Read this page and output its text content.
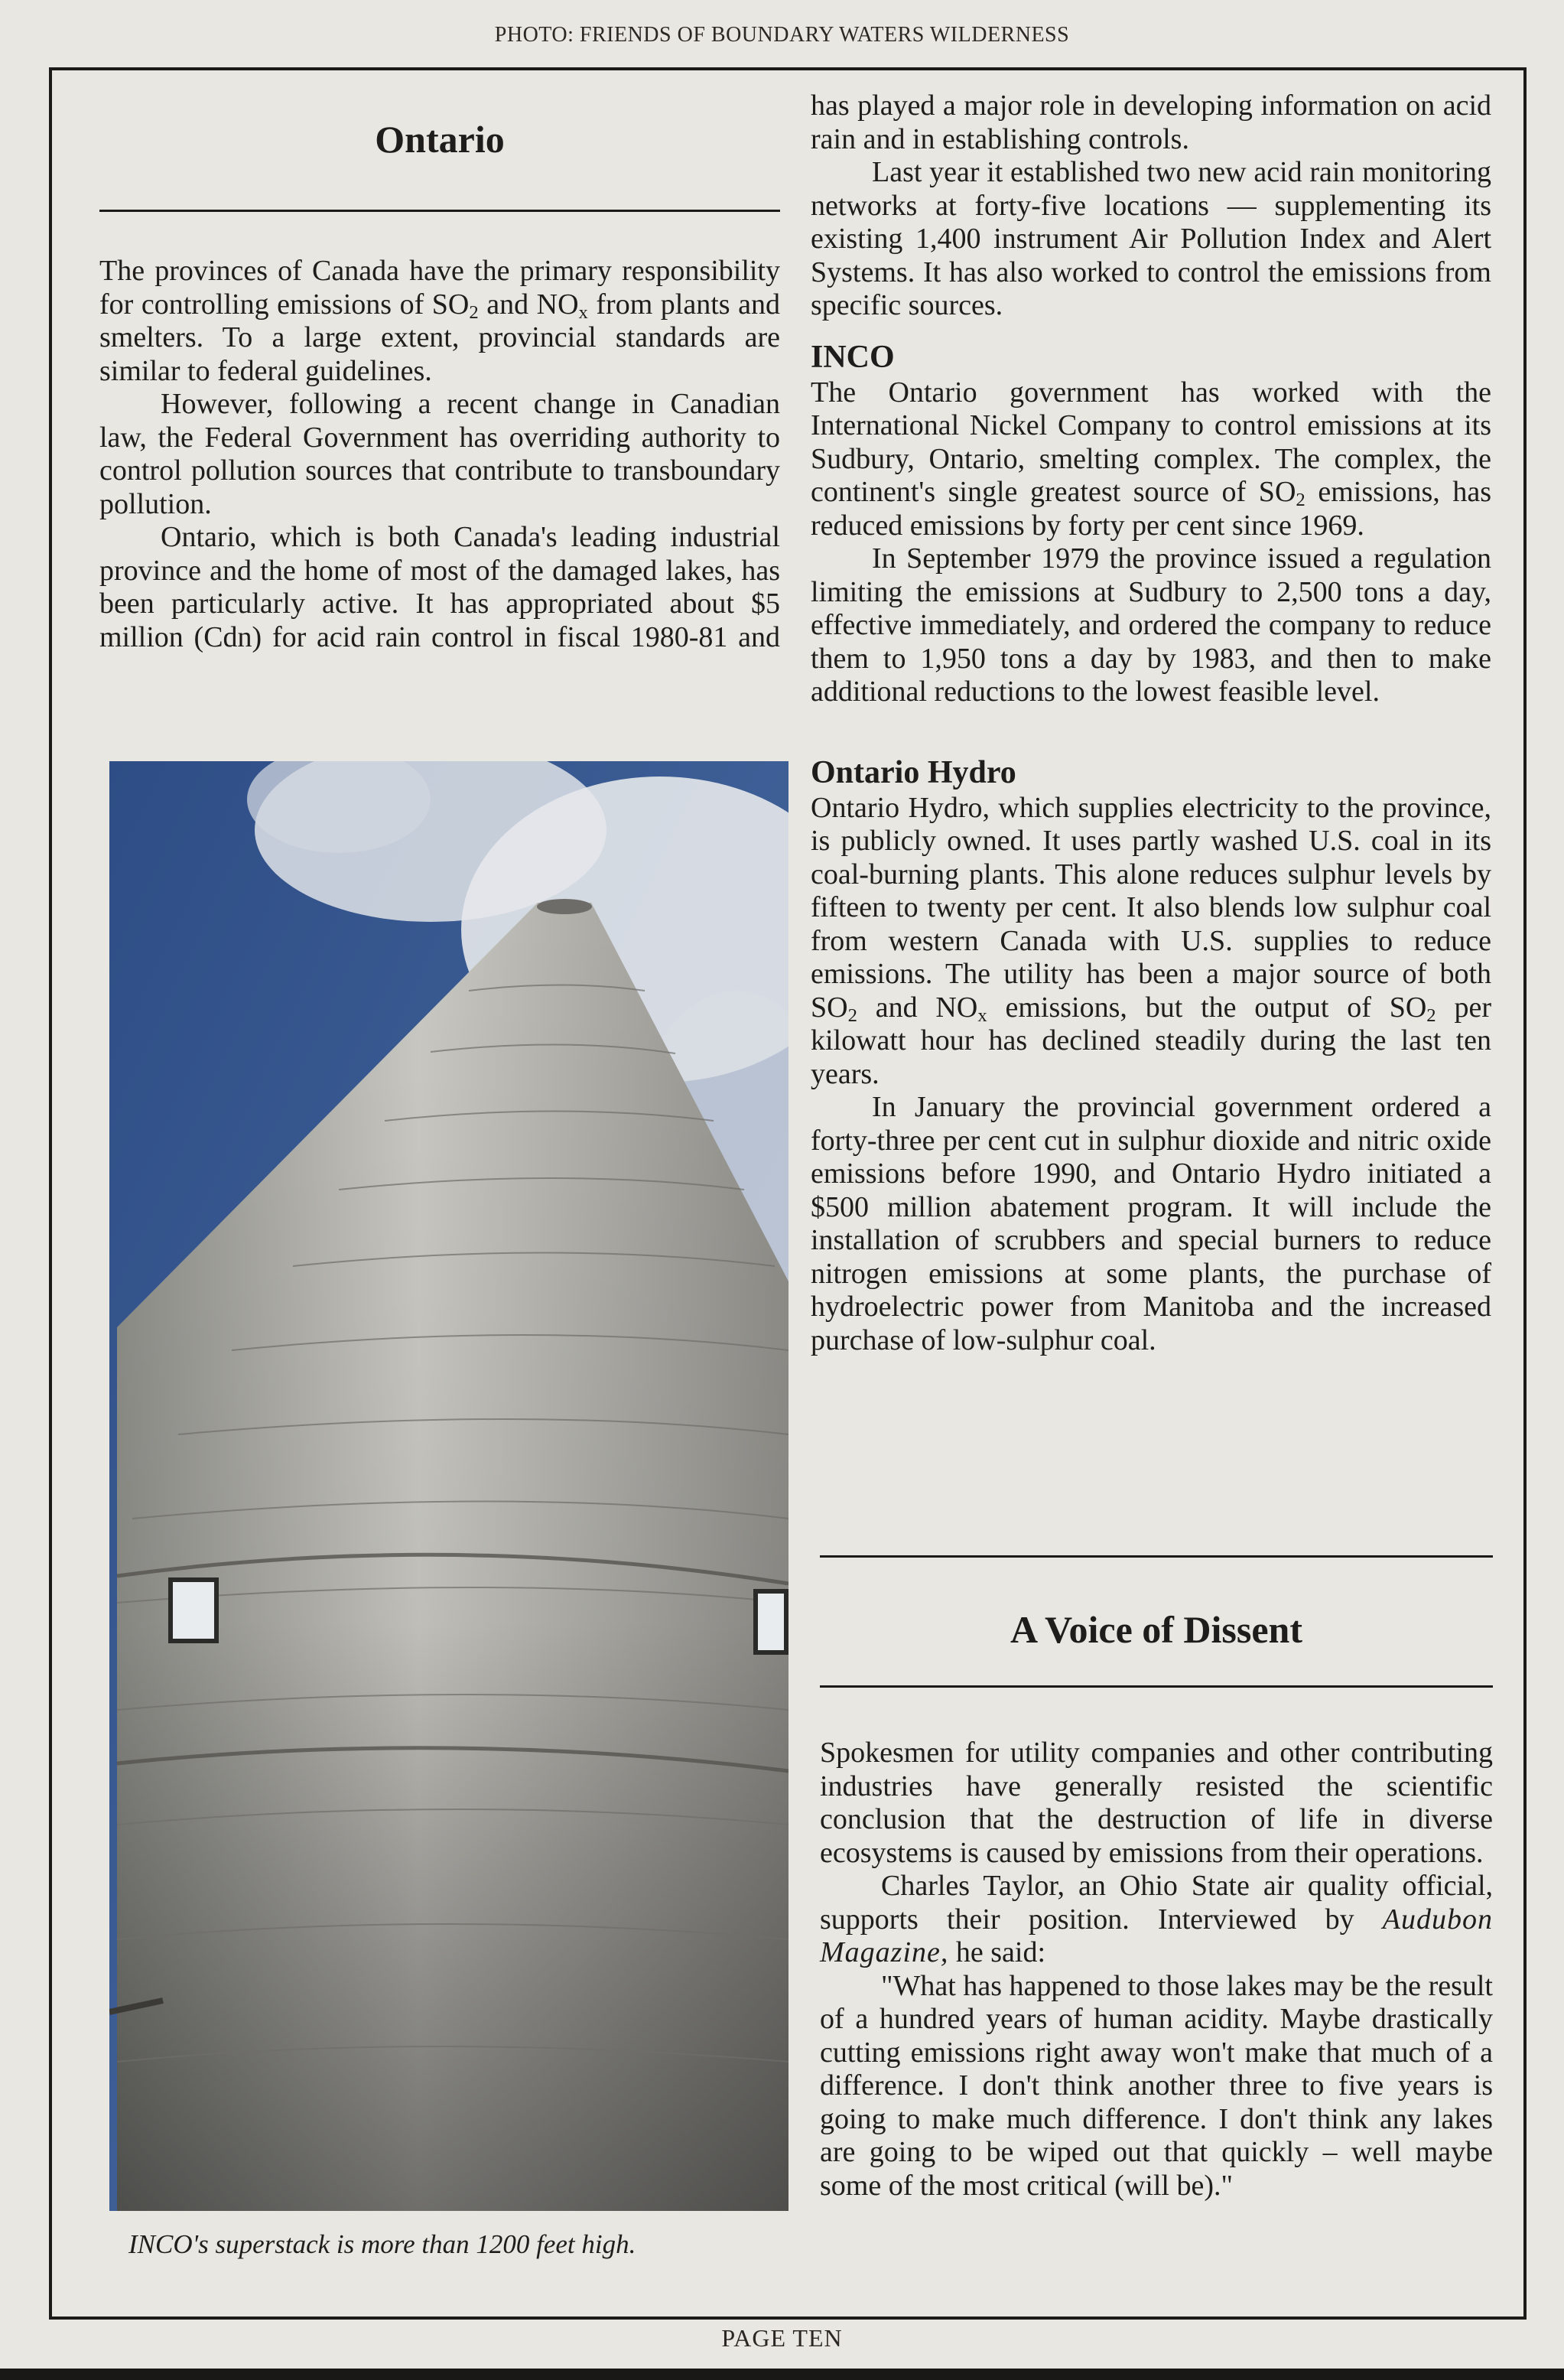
PHOTO: FRIENDS OF BOUNDARY WATERS WILDERNESS
Ontario

The provinces of Canada have the primary responsibility for controlling emissions of $SO_2$ and $NO_x$ from plants and smelters. To a large extent, provincial standards are similar to federal guidelines.

However, following a recent change in Canadian law, the Federal Government has overriding authority to control pollution sources that contribute to transboundary pollution.

Ontario, which is both Canada's leading industrial province and the home of most of the damaged lakes, has been particularly active. It has appropriated about $5 million (Cdn) for acid rain control in fiscal 1980-81 and

INCO's superstack is more than 1200 feet high.

has played a major role in developing information on acid rain and in establishing controls.

Last year it established two new acid rain monitoring networks at forty-five locations — supplementing its existing 1,400 instrument Air Pollution Index and Alert Systems. It has also worked to control the emissions from specific sources.

INCO

The Ontario government has worked with the International Nickel Company to control emissions at its Sudbury, Ontario, smelting complex. The complex, the continent's single greatest source of $SO_2$ emissions, has reduced emissions by forty per cent since 1969.

In September 1979 the province issued a regulation limiting the emissions at Sudbury to 2,500 tons a day, effective immediately, and ordered the company to reduce them to 1,950 tons a day by 1983, and then to make additional reductions to the lowest feasible level.

Ontario Hydro

Ontario Hydro, which supplies electricity to the province, is publicly owned. It uses partly washed U.S. coal in its coal-burning plants. This alone reduces sulphur levels by fifteen to twenty per cent. It also blends low sulphur coal from western Canada with U.S. supplies to reduce emissions. The utility has been a major source of both $SO_2$ and $NO_x$ emissions, but the output of $SO_2$ per kilowatt hour has declined steadily during the last ten years.

In January the provincial government ordered a forty-three per cent cut in sulphur dioxide and nitric oxide emissions before 1990, and Ontario Hydro initiated a $500 million abatement program. It will include the installation of scrubbers and special burners to reduce nitrogen emissions at some plants, the purchase of hydroelectric power from Manitoba and the increased purchase of low-sulphur coal.

A Voice of Dissent

Spokesmen for utility companies and other contributing industries have generally resisted the scientific conclusion that the destruction of life in diverse ecosystems is caused by emissions from their operations.

Charles Taylor, an Ohio State air quality official, supports their position. Interviewed by Audubon Magazine, he said:

"What has happened to those lakes may be the result of a hundred years of human acidity. Maybe drastically cutting emissions right away won't make that much of a difference. I don't think another three to five years is going to make much difference. I don't think any lakes are going to be wiped out that quickly – well maybe some of the most critical (will be)."

PAGE TEN
